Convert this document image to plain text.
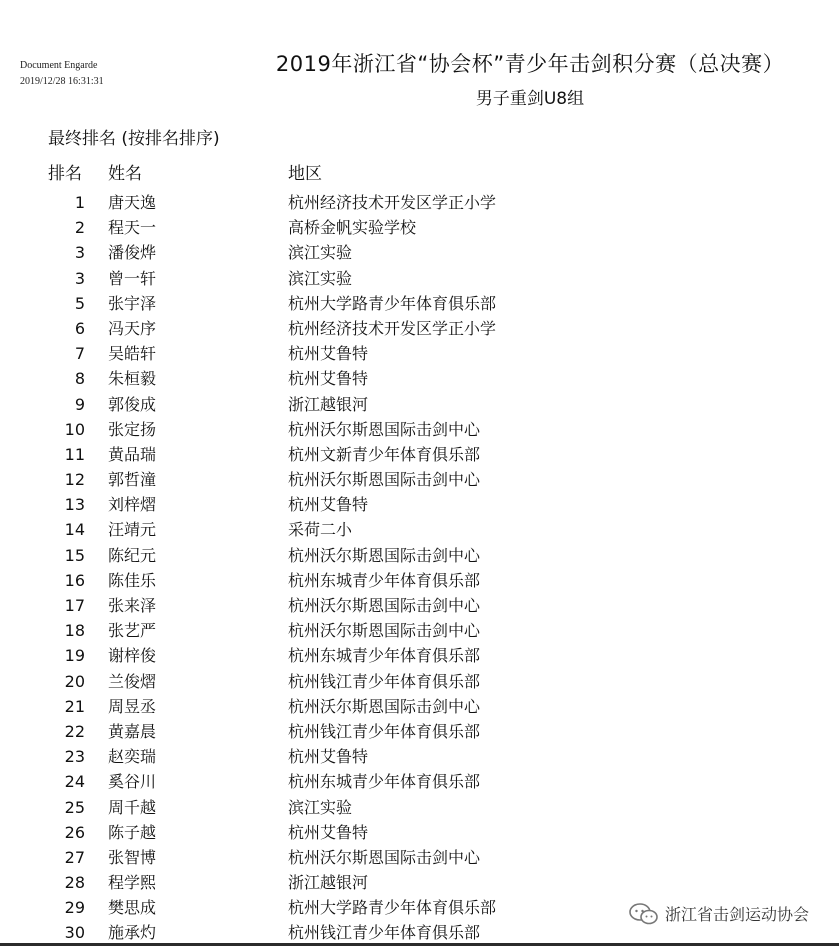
Document Engarde
2019/12/28 16:31:31
2019年浙江省“协会杯”青少年击剑积分赛（总决赛）
男子重剑U8组
最终排名 (按排名排序)
排名 姓名	地区
1 唐天逸	杭州经济技术开发区学正小学
2 程天一	高桥金帆实验学校
3 潘俊烨	滨江实验
3 曾一轩	滨江实验
5 张宇泽	杭州大学路青少年体育俱乐部
6 冯天序	杭州经济技术开发区学正小学
7 吴皓轩	杭州艾鲁特
8 朱桓毅	杭州艾鲁特
9 郭俊成	浙江越银河
10 张定扬	杭州沃尔斯恩国际击剑中心
11 黄品瑞	杭州文新青少年体育俱乐部
12 郭哲潼	杭州沃尔斯恩国际击剑中心
13 刘梓熠	杭州艾鲁特
14 汪靖元	采荷二小
15 陈纪元	杭州沃尔斯恩国际击剑中心
16 陈佳乐	杭州东城青少年体育俱乐部
17 张来泽	杭州沃尔斯恩国际击剑中心
18 张艺严	杭州沃尔斯恩国际击剑中心
19 谢梓俊	杭州东城青少年体育俱乐部
20 兰俊熠	杭州钱江青少年体育俱乐部
21 周昱丞	杭州沃尔斯恩国际击剑中心
22 黄嘉晨	杭州钱江青少年体育俱乐部
23 赵奕瑞	杭州艾鲁特
24 奚谷川	杭州东城青少年体育俱乐部
25 周千越	滨江实验
26 陈子越	杭州艾鲁特
27 张智博	杭州沃尔斯恩国际击剑中心
28 程学熙	浙江越银河
29 樊思成	杭州大学路青少年体育俱乐部
30 施承灼	杭州钱江青少年体育俱乐部
浙江省击剑运动协会
